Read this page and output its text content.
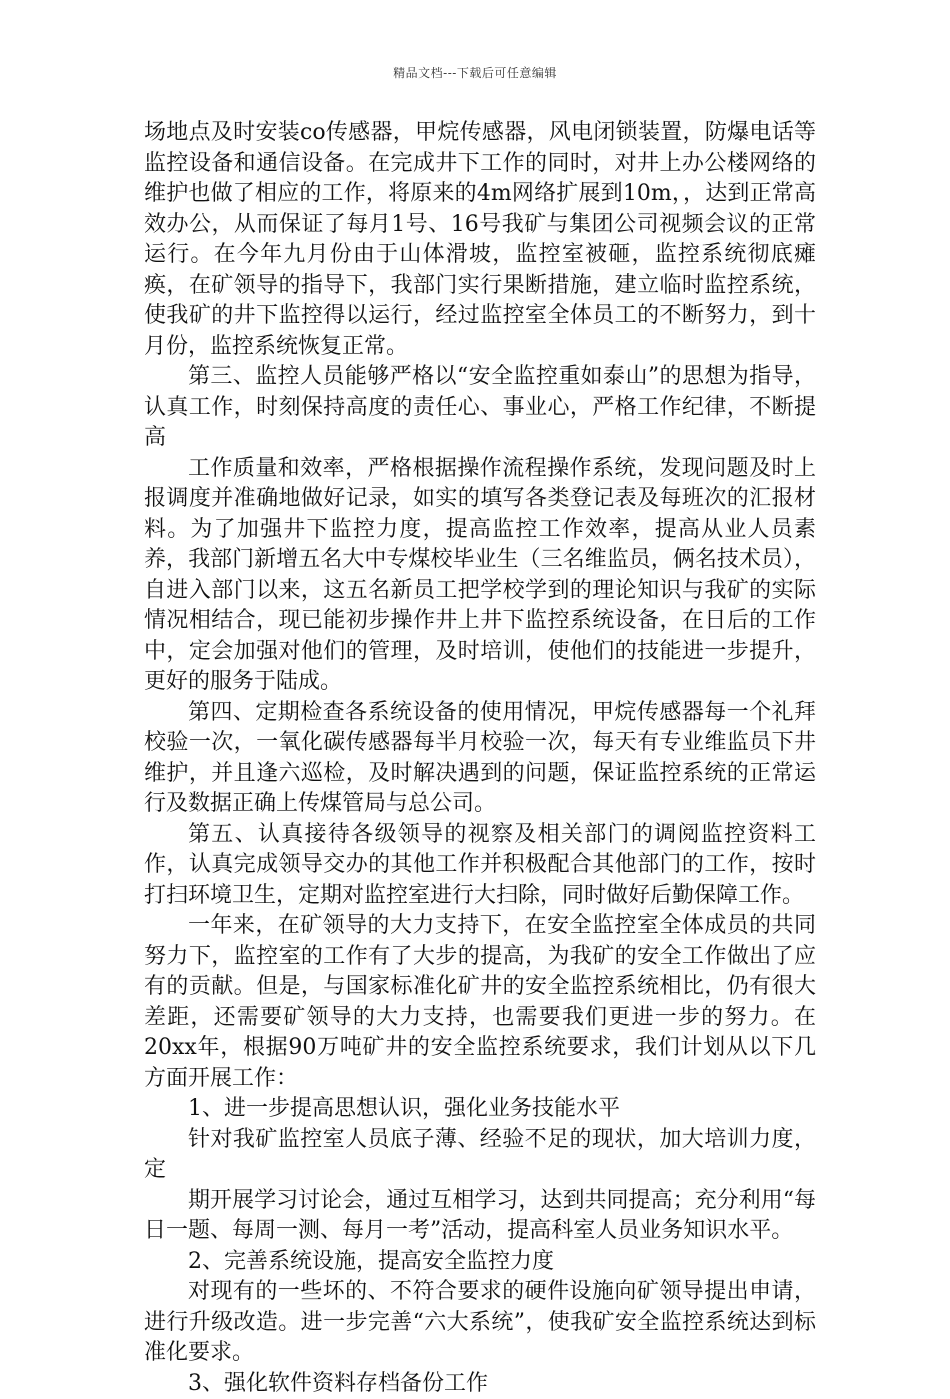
精品文档---下载后可任意编辑

场地点及时安装co传感器，甲烷传感器，风电闭锁装置，防爆电话等监控设备和通信设备。在完成井下工作的同时，对井上办公楼网络的维护也做了相应的工作，将原来的4m网络扩展到10m，，达到正常高效办公，从而保证了每月1号、16号我矿与集团公司视频会议的正常运行。在今年九月份由于山体滑坡，监控室被砸，监控系统彻底瘫痪，在矿领导的指导下，我部门实行果断措施，建立临时监控系统，使我矿的井下监控得以运行，经过监控室全体员工的不断努力，到十月份，监控系统恢复正常。

第三、监控人员能够严格以“安全监控重如泰山”的思想为指导，认真工作，时刻保持高度的责任心、事业心，严格工作纪律，不断提高

工作质量和效率，严格根据操作流程操作系统，发现问题及时上报调度并准确地做好记录，如实的填写各类登记表及每班次的汇报材料。为了加强井下监控力度，提高监控工作效率，提高从业人员素养，我部门新增五名大中专煤校毕业生（三名维监员，俩名技术员），自进入部门以来，这五名新员工把学校学到的理论知识与我矿的实际情况相结合，现已能初步操作井上井下监控系统设备，在日后的工作中，定会加强对他们的管理，及时培训，使他们的技能进一步提升，更好的服务于陆成。

第四、定期检查各系统设备的使用情况，甲烷传感器每一个礼拜校验一次，一氧化碳传感器每半月校验一次，每天有专业维监员下井维护，并且逢六巡检，及时解决遇到的问题，保证监控系统的正常运行及数据正确上传煤管局与总公司。

第五、认真接待各级领导的视察及相关部门的调阅监控资料工作，认真完成领导交办的其他工作并积极配合其他部门的工作，按时打扫环境卫生，定期对监控室进行大扫除，同时做好后勤保障工作。

一年来，在矿领导的大力支持下，在安全监控室全体成员的共同努力下，监控室的工作有了大步的提高，为我矿的安全工作做出了应有的贡献。但是，与国家标准化矿井的安全监控系统相比，仍有很大差距，还需要矿领导的大力支持，也需要我们更进一步的努力。在20xx年，根据90万吨矿井的安全监控系统要求，我们计划从以下几方面开展工作：

1、进一步提高思想认识，强化业务技能水平

针对我矿监控室人员底子薄、经验不足的现状，加大培训力度，定

期开展学习讨论会，通过互相学习，达到共同提高；充分利用“每日一题、每周一测、每月一考”活动，提高科室人员业务知识水平。

2、完善系统设施，提高安全监控力度

对现有的一些坏的、不符合要求的硬件设施向矿领导提出申请，进行升级改造。进一步完善“六大系统”，使我矿安全监控系统达到标准化要求。

3、强化软件资料存档备份工作
